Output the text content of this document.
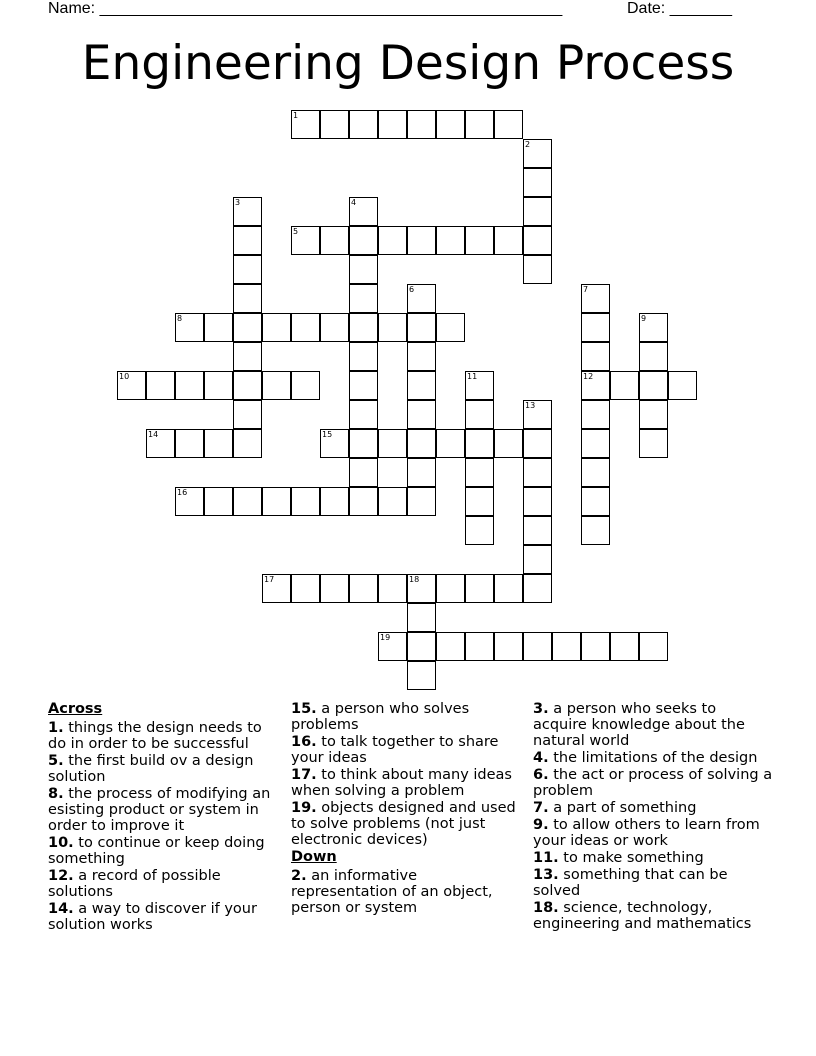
Name: ____________________________________________________	Date: _______
Engineering Design Process
1
2
3	4
5
6	7
12
8	9
10	11
13
14	15
16
17	18
19
Across
1. things the design needs to do in order to be successful
5. the first build ov a design solution
8. the process of modifying an esisting product or system in order to improve it
10. to continue or keep doing something
12. a record of possible solutions
14. a way to discover if your solution works
15. a person who solves problems
16. to talk together to share your ideas
17. to think about many ideas when solving a problem
19. objects designed and used to solve problems (not just electronic devices)
Down
2. an informative representation of an object, person or system
3. a person who seeks to acquire knowledge about the natural world
4. the limitations of the design
6. the act or process of solving a problem
7. a part of something
9. to allow others to learn from your ideas or work
11. to make something
13. something that can be solved
18. science, technology, engineering and mathematics
